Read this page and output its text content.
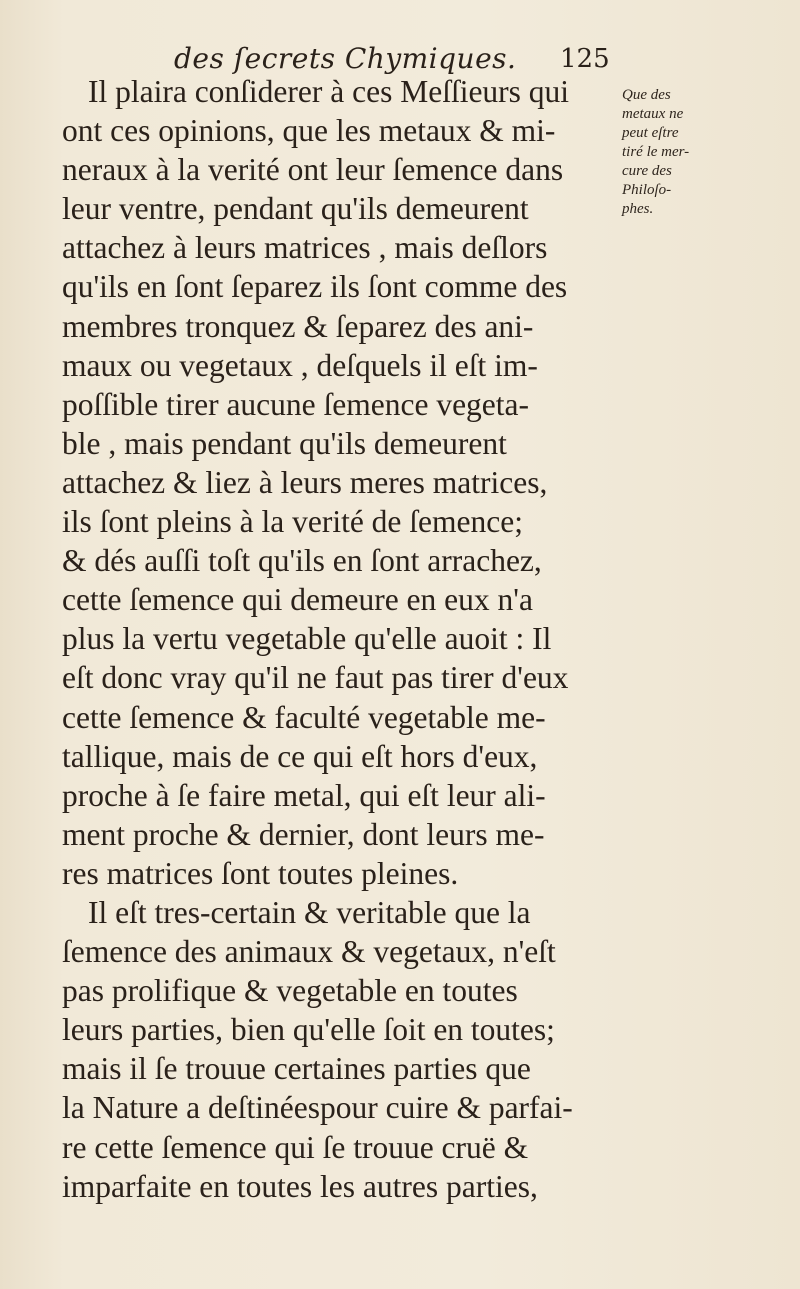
des ſecrets Chymiques. 125
Il plaira conſiderer à ces Meſſieurs qui
ont ces opinions, que les metaux & mi-
neraux à la verité ont leur ſemence dans
leur ventre, pendant qu'ils demeurent
attachez à leurs matrices , mais deſlors
qu'ils en ſont ſeparez ils ſont comme des
membres tronquez & ſeparez des ani-
maux ou vegetaux , deſquels il eſt im-
poſſible tirer aucune ſemence vegeta-
ble , mais pendant qu'ils demeurent
attachez & liez à leurs meres matrices,
ils ſont pleins à la verité de ſemence;
& dés auſſi toſt qu'ils en ſont arrachez,
cette ſemence qui demeure en eux n'a
plus la vertu vegetable qu'elle auoit : Il
eſt donc vray qu'il ne faut pas tirer d'eux
cette ſemence & faculté vegetable me-
tallique, mais de ce qui eſt hors d'eux,
proche à ſe faire metal, qui eſt leur ali-
ment proche & dernier, dont leurs me-
res matrices ſont toutes pleines.
Il eſt tres-certain & veritable que la
ſemence des animaux & vegetaux, n'eſt
pas prolifique & vegetable en toutes
leurs parties, bien qu'elle ſoit en toutes;
mais il ſe trouue certaines parties que
la Nature a deſtinéespour cuire & parfai-
re cette ſemence qui ſe trouue cruë &
imparfaite en toutes les autres parties,
Que des
metaux ne
peut eſtre
tiré le mer-
cure des
Philoſo-
phes.
